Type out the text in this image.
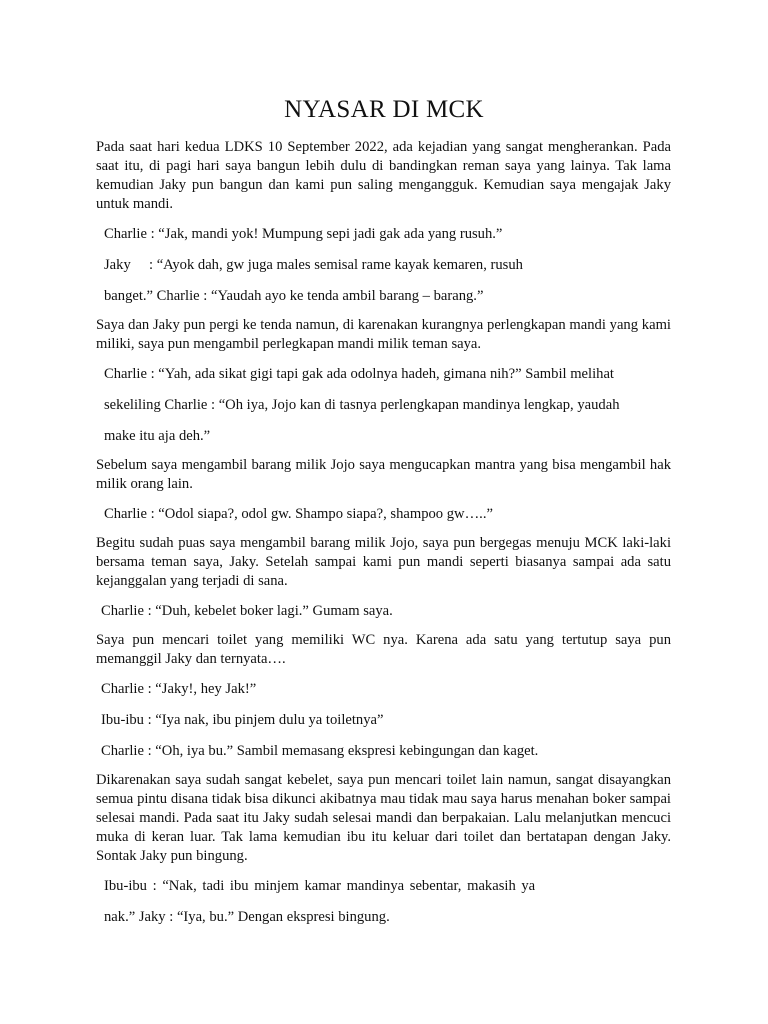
NYASAR DI MCK

Pada saat hari kedua LDKS 10 September 2022, ada kejadian yang sangat mengherankan. Pada saat itu, di pagi hari saya bangun lebih dulu di bandingkan reman saya yang lainya. Tak lama kemudian Jaky pun bangun dan kami pun saling mengangguk. Kemudian saya mengajak Jaky untuk mandi.

Charlie : “Jak, mandi yok! Mumpung sepi jadi gak ada yang rusuh.”
Jaky     : “Ayok dah, gw juga males semisal rame kayak kemaren, rusuh
banget.” Charlie : “Yaudah ayo ke tenda ambil barang – barang.”

Saya dan Jaky pun pergi ke tenda namun, di karenakan kurangnya perlengkapan mandi yang kami miliki, saya pun mengambil perlegkapan mandi milik teman saya.

Charlie : “Yah, ada sikat gigi tapi gak ada odolnya hadeh, gimana nih?” Sambil melihat
sekeliling Charlie : “Oh iya, Jojo kan di tasnya perlengkapan mandinya lengkap, yaudah
make itu aja deh.”

Sebelum saya mengambil barang milik Jojo saya mengucapkan mantra yang bisa mengambil hak milik orang lain.

Charlie : “Odol siapa?, odol gw. Shampo siapa?, shampoo gw…..”

Begitu sudah puas saya mengambil barang milik Jojo, saya pun bergegas menuju MCK laki-laki bersama teman saya, Jaky. Setelah sampai kami pun mandi seperti biasanya sampai ada satu kejanggalan yang terjadi di sana.

Charlie : “Duh, kebelet boker lagi.” Gumam saya.

Saya pun mencari toilet yang memiliki WC nya. Karena ada satu yang tertutup saya pun memanggil Jaky dan ternyata….

Charlie : “Jaky!, hey Jak!”
Ibu-ibu : “Iya nak, ibu pinjem dulu ya toiletnya”
Charlie : “Oh, iya bu.” Sambil memasang ekspresi kebingungan dan kaget.

Dikarenakan saya sudah sangat kebelet, saya pun mencari toilet lain namun, sangat disayangkan semua pintu disana tidak bisa dikunci akibatnya mau tidak mau saya harus menahan boker sampai selesai mandi. Pada saat itu Jaky sudah selesai mandi dan berpakaian. Lalu melanjutkan mencuci muka di keran luar. Tak lama kemudian ibu itu keluar dari toilet dan bertatapan dengan Jaky. Sontak Jaky pun bingung.

Ibu-ibu : “Nak, tadi ibu minjem kamar mandinya sebentar, makasih ya
nak.” Jaky : “Iya, bu.” Dengan ekspresi bingung.
